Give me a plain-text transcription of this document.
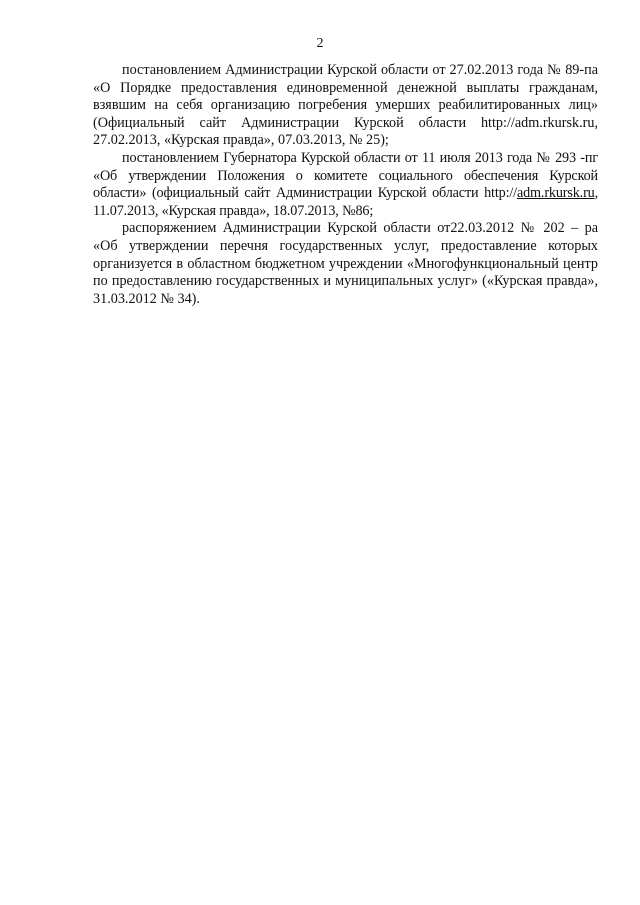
2

постановлением Администрации Курской области от 27.02.2013 года № 89-па «О Порядке предоставления единовременной денежной выплаты гражданам, взявшим на себя организацию погребения умерших реабилитированных лиц» (Официальный сайт Администрации Курской области http://adm.rkursk.ru, 27.02.2013, «Курская правда», 07.03.2013, № 25);

постановлением Губернатора Курской области от 11 июля 2013 года № 293 -пг «Об утверждении Положения о комитете социального обеспечения Курской области» (официальный сайт Администрации Курской области http://adm.rkursk.ru, 11.07.2013, «Курская правда», 18.07.2013, №86;

распоряжением Администрации Курской области от22.03.2012 № 202 – ра «Об утверждении перечня государственных услуг, предоставление которых организуется в областном бюджетном учреждении «Многофункциональный центр по предоставлению государственных и муниципальных услуг» («Курская правда», 31.03.2012 № 34).
